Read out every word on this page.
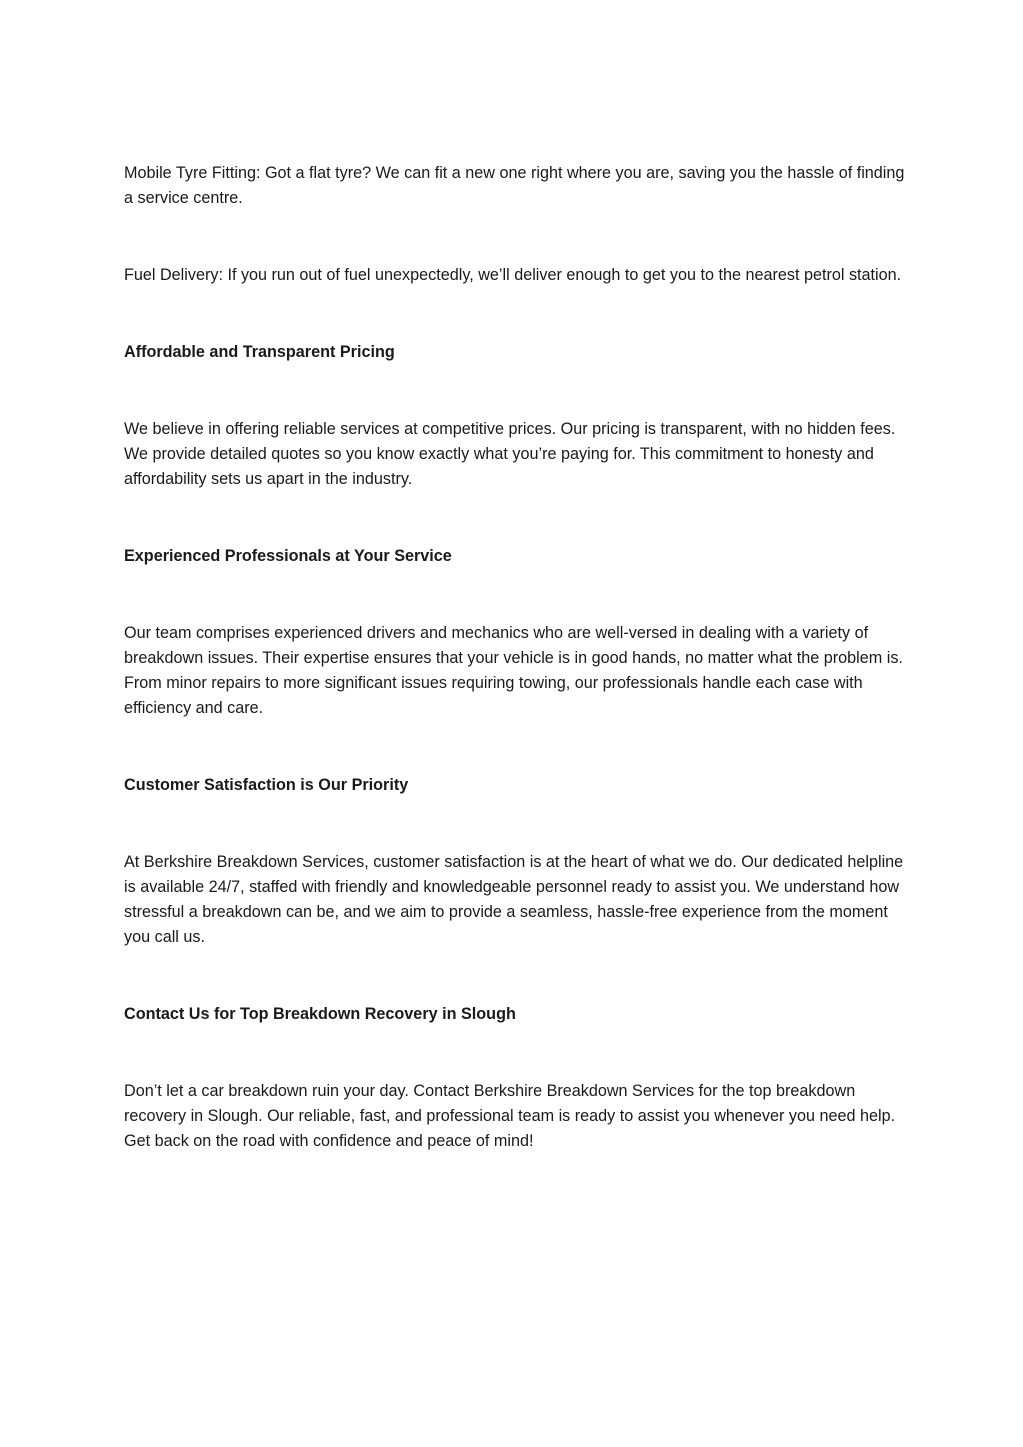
Mobile Tyre Fitting: Got a flat tyre? We can fit a new one right where you are, saving you the hassle of finding a service centre.

Fuel Delivery: If you run out of fuel unexpectedly, we’ll deliver enough to get you to the nearest petrol station.

Affordable and Transparent Pricing

We believe in offering reliable services at competitive prices. Our pricing is transparent, with no hidden fees. We provide detailed quotes so you know exactly what you’re paying for. This commitment to honesty and affordability sets us apart in the industry.

Experienced Professionals at Your Service

Our team comprises experienced drivers and mechanics who are well-versed in dealing with a variety of breakdown issues. Their expertise ensures that your vehicle is in good hands, no matter what the problem is. From minor repairs to more significant issues requiring towing, our professionals handle each case with efficiency and care.

Customer Satisfaction is Our Priority

At Berkshire Breakdown Services, customer satisfaction is at the heart of what we do. Our dedicated helpline is available 24/7, staffed with friendly and knowledgeable personnel ready to assist you. We understand how stressful a breakdown can be, and we aim to provide a seamless, hassle-free experience from the moment you call us.

Contact Us for Top Breakdown Recovery in Slough

Don’t let a car breakdown ruin your day. Contact Berkshire Breakdown Services for the top breakdown recovery in Slough. Our reliable, fast, and professional team is ready to assist you whenever you need help. Get back on the road with confidence and peace of mind!
